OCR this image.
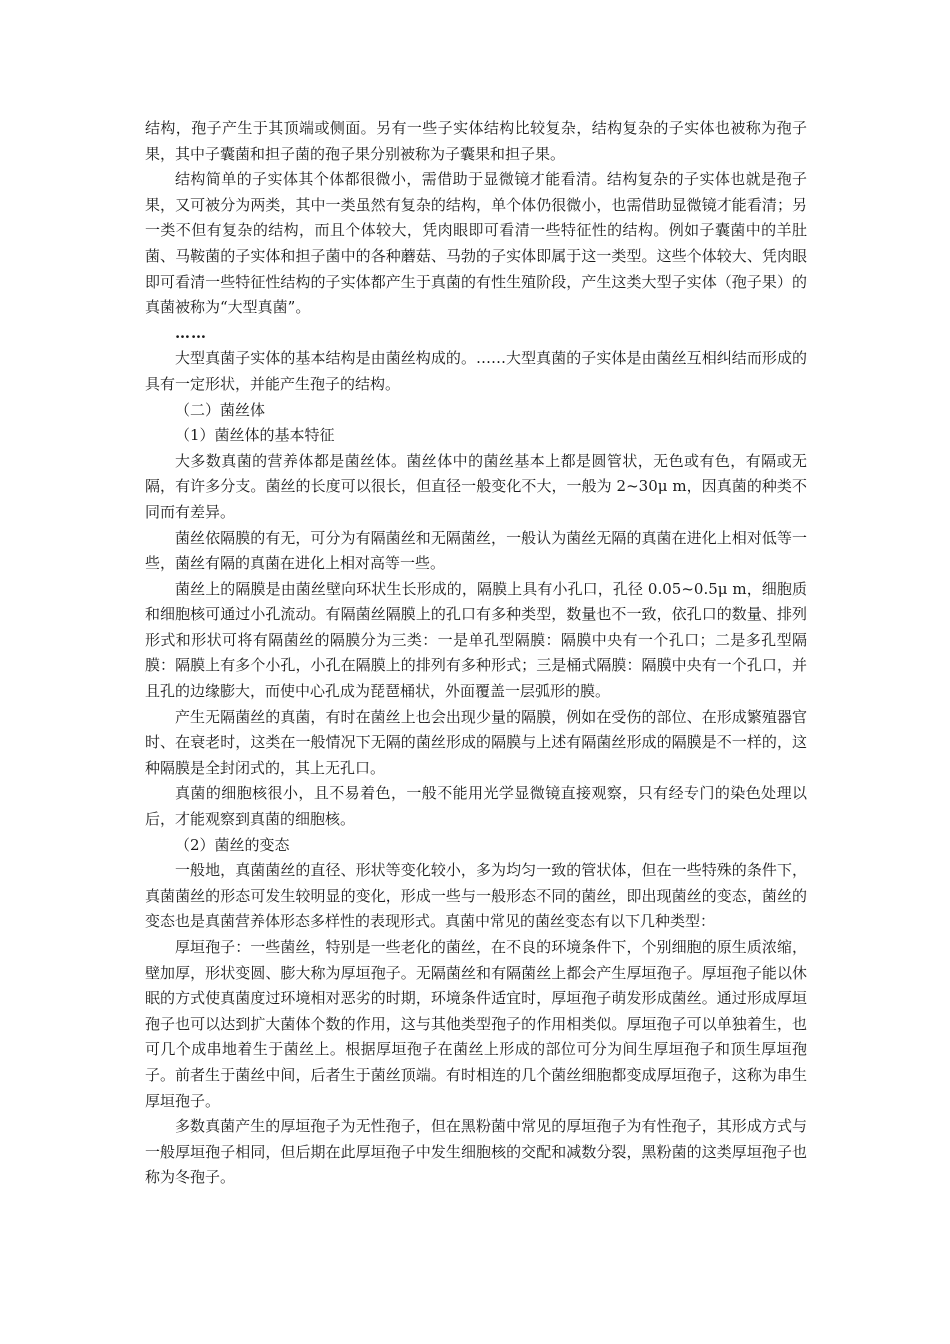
结构，孢子产生于其顶端或侧面。另有一些子实体结构比较复杂，结构复杂的子实体也被称为孢子果，其中子囊菌和担子菌的孢子果分别被称为子囊果和担子果。

结构简单的子实体其个体都很微小，需借助于显微镜才能看清。结构复杂的子实体也就是孢子果，又可被分为两类，其中一类虽然有复杂的结构，单个体仍很微小，也需借助显微镜才能看清；另一类不但有复杂的结构，而且个体较大，凭肉眼即可看清一些特征性的结构。例如子囊菌中的羊肚菌、马鞍菌的子实体和担子菌中的各种蘑菇、马勃的子实体即属于这一类型。这些个体较大、凭肉眼即可看清一些特征性结构的子实体都产生于真菌的有性生殖阶段，产生这类大型子实体（孢子果）的真菌被称为“大型真菌”。

……

大型真菌子实体的基本结构是由菌丝构成的。……大型真菌的子实体是由菌丝互相纠结而形成的具有一定形状，并能产生孢子的结构。

（二）菌丝体

（1）菌丝体的基本特征

大多数真菌的营养体都是菌丝体。菌丝体中的菌丝基本上都是圆管状，无色或有色，有隔或无隔，有许多分支。菌丝的长度可以很长，但直径一般变化不大，一般为 2~30μ m，因真菌的种类不同而有差异。

菌丝依隔膜的有无，可分为有隔菌丝和无隔菌丝，一般认为菌丝无隔的真菌在进化上相对低等一些，菌丝有隔的真菌在进化上相对高等一些。

菌丝上的隔膜是由菌丝壁向环状生长形成的，隔膜上具有小孔口，孔径 0.05~0.5μ m，细胞质和细胞核可通过小孔流动。有隔菌丝隔膜上的孔口有多种类型，数量也不一致，依孔口的数量、排列形式和形状可将有隔菌丝的隔膜分为三类：一是单孔型隔膜：隔膜中央有一个孔口；二是多孔型隔膜：隔膜上有多个小孔，小孔在隔膜上的排列有多种形式；三是桶式隔膜：隔膜中央有一个孔口，并且孔的边缘膨大，而使中心孔成为琵琶桶状，外面覆盖一层弧形的膜。

产生无隔菌丝的真菌，有时在菌丝上也会出现少量的隔膜，例如在受伤的部位、在形成繁殖器官时、在衰老时，这类在一般情况下无隔的菌丝形成的隔膜与上述有隔菌丝形成的隔膜是不一样的，这种隔膜是全封闭式的，其上无孔口。

真菌的细胞核很小，且不易着色，一般不能用光学显微镜直接观察，只有经专门的染色处理以后，才能观察到真菌的细胞核。

（2）菌丝的变态

一般地，真菌菌丝的直径、形状等变化较小，多为均匀一致的管状体，但在一些特殊的条件下，真菌菌丝的形态可发生较明显的变化，形成一些与一般形态不同的菌丝，即出现菌丝的变态，菌丝的变态也是真菌营养体形态多样性的表现形式。真菌中常见的菌丝变态有以下几种类型：

厚垣孢子：一些菌丝，特别是一些老化的菌丝，在不良的环境条件下，个别细胞的原生质浓缩，壁加厚，形状变圆、膨大称为厚垣孢子。无隔菌丝和有隔菌丝上都会产生厚垣孢子。厚垣孢子能以休眠的方式使真菌度过环境相对恶劣的时期，环境条件适宜时，厚垣孢子萌发形成菌丝。通过形成厚垣孢子也可以达到扩大菌体个数的作用，这与其他类型孢子的作用相类似。厚垣孢子可以单独着生，也可几个成串地着生于菌丝上。根据厚垣孢子在菌丝上形成的部位可分为间生厚垣孢子和顶生厚垣孢子。前者生于菌丝中间，后者生于菌丝顶端。有时相连的几个菌丝细胞都变成厚垣孢子，这称为串生厚垣孢子。

多数真菌产生的厚垣孢子为无性孢子，但在黑粉菌中常见的厚垣孢子为有性孢子，其形成方式与一般厚垣孢子相同，但后期在此厚垣孢子中发生细胞核的交配和减数分裂，黑粉菌的这类厚垣孢子也称为冬孢子。
